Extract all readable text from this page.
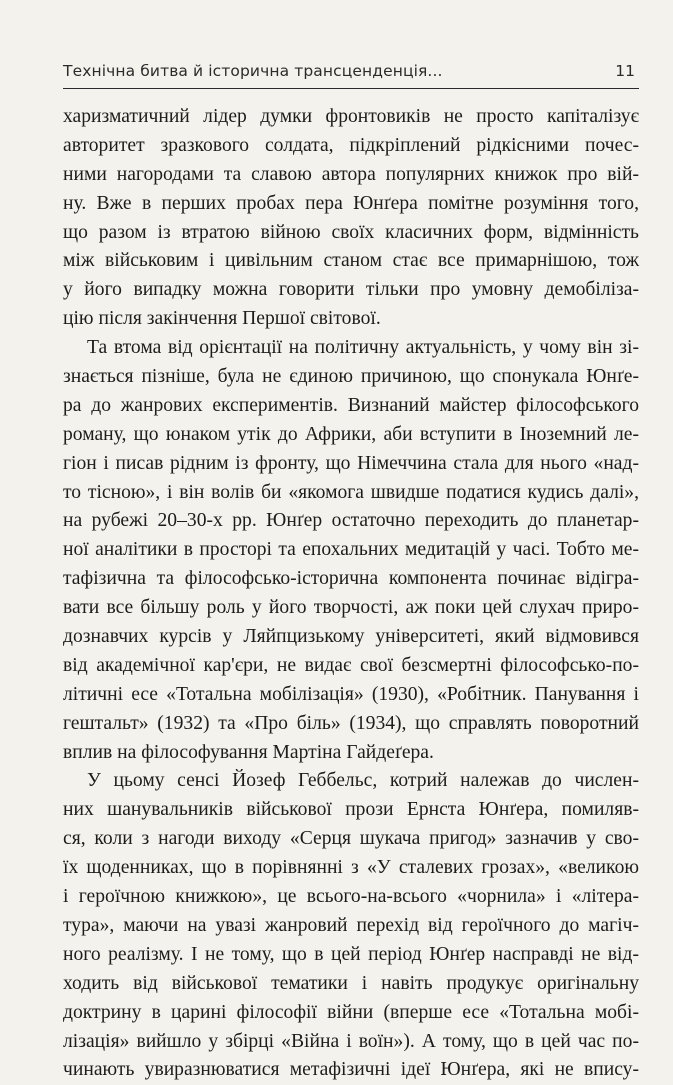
Технічна битва й історична трансценденція...	11
харизматичний лідер думки фронтовиків не просто капіталізує
авторитет зразкового солдата, підкріплений рідкісними почес-
ними нагородами та славою автора популярних книжок про вій-
ну. Вже в перших пробах пера Юнґера помітне розуміння того,
що разом із втратою війною своїх класичних форм, відмінність
між військовим і цивільним станом стає все примарнішою, тож
у його випадку можна говорити тільки про умовну демобіліза-
цію після закінчення Першої світової.
Та втома від орієнтації на політичну актуальність, у чому він зі-
знається пізніше, була не єдиною причиною, що спонукала Юнґе-
ра до жанрових експериментів. Визнаний майстер філософського
роману, що юнаком утік до Африки, аби вступити в Іноземний ле-
гіон і писав рідним із фронту, що Німеччина стала для нього «над-
то тісною», і він волів би «якомога швидше податися кудись далі»,
на рубежі 20–30-х рр. Юнґер остаточно переходить до планетар-
ної аналітики в просторі та епохальних медитацій у часі. Тобто ме-
тафізична та філософсько-історична компонента починає відігра-
вати все більшу роль у його творчості, аж поки цей слухач приро-
дознавчих курсів у Ляйпцизькому університеті, який відмовився
від академічної кар'єри, не видає свої безсмертні філософсько-по-
літичні есе «Тотальна мобілізація» (1930), «Робітник. Панування і
гештальт» (1932) та «Про біль» (1934), що справлять поворотний
вплив на філософування Мартіна Гайдеґера.
У цьому сенсі Йозеф Геббельс, котрий належав до числен-
них шанувальників військової прози Ернста Юнґера, помиляв-
ся, коли з нагоди виходу «Серця шукача пригод» зазначив у сво-
їх щоденниках, що в порівнянні з «У сталевих грозах», «великою
і героїчною книжкою», це всього-на-всього «чорнила» і «літера-
тура», маючи на увазі жанровий перехід від героїчного до магіч-
ного реалізму. І не тому, що в цей період Юнґер насправді не від-
ходить від військової тематики і навіть продукує оригінальну
доктрину в царині філософії війни (вперше есе «Тотальна мобі-
лізація» вийшло у збірці «Війна і воїн»). А тому, що в цей час по-
чинають увиразнюватися метафізичні ідеї Юнґера, які не впису-
